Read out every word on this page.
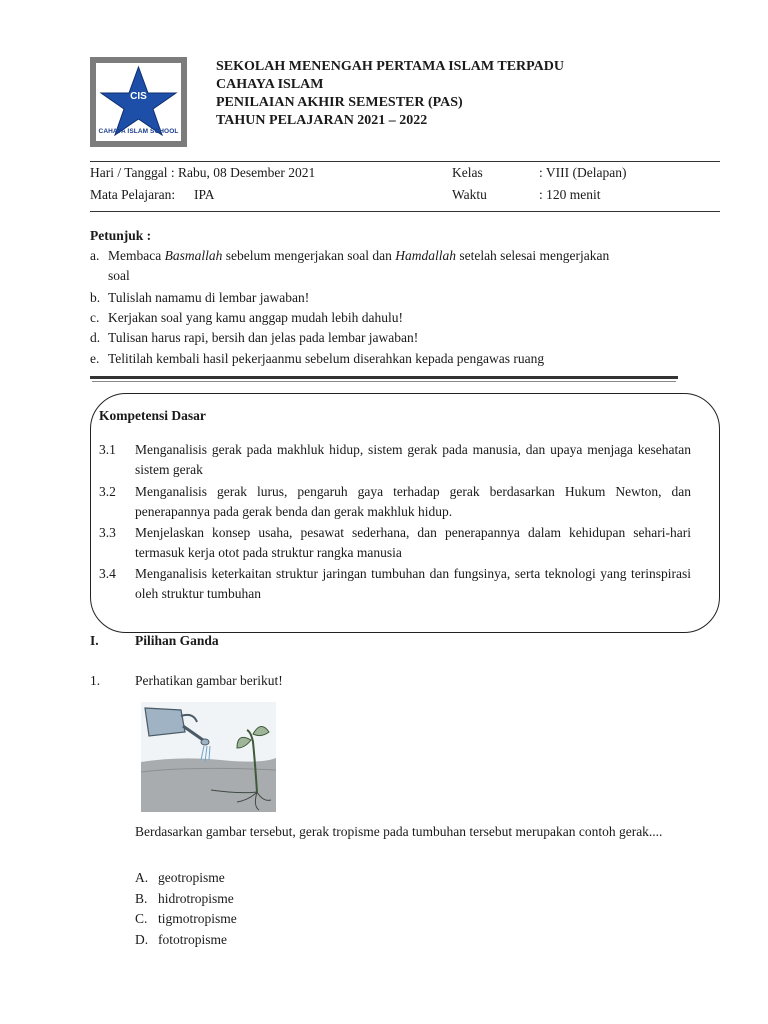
CIS
CAHAYA ISLAM SCHOOL
SEKOLAH MENENGAH PERTAMA ISLAM TERPADU
CAHAYA ISLAM
PENILAIAN AKHIR SEMESTER (PAS)
TAHUN PELAJARAN 2021 – 2022
Hari / Tanggal : Rabu, 08 Desember 2021	Kelas	: VIII (Delapan)
Mata Pelajaran: IPA	Waktu	: 120 menit
Petunjuk :
a. Membaca Basmallah sebelum mengerjakan soal dan Hamdallah setelah selesai mengerjakan
soal
b. Tulislah namamu di lembar jawaban!
c. Kerjakan soal yang kamu anggap mudah lebih dahulu!
d. Tulisan harus rapi, bersih dan jelas pada lembar jawaban!
e. Telitilah kembali hasil pekerjaanmu sebelum diserahkan kepada pengawas ruang
Kompetensi Dasar
3.1	Menganalisis gerak pada makhluk hidup, sistem gerak pada manusia, dan upaya menjaga kesehatan sistem gerak
3.2	Menganalisis gerak lurus, pengaruh gaya terhadap gerak berdasarkan Hukum Newton, dan penerapannya pada gerak benda dan gerak makhluk hidup.
3.3	Menjelaskan konsep usaha, pesawat sederhana, dan penerapannya dalam kehidupan sehari-hari termasuk kerja otot pada struktur rangka manusia
3.4	Menganalisis keterkaitan struktur jaringan tumbuhan dan fungsinya, serta teknologi yang terinspirasi oleh struktur tumbuhan
I.	Pilihan Ganda
1.	Perhatikan gambar berikut!
Berdasarkan gambar tersebut, gerak tropisme pada tumbuhan tersebut merupakan contoh gerak....
A. geotropisme
B. hidrotropisme
C. tigmotropisme
D. fototropisme
